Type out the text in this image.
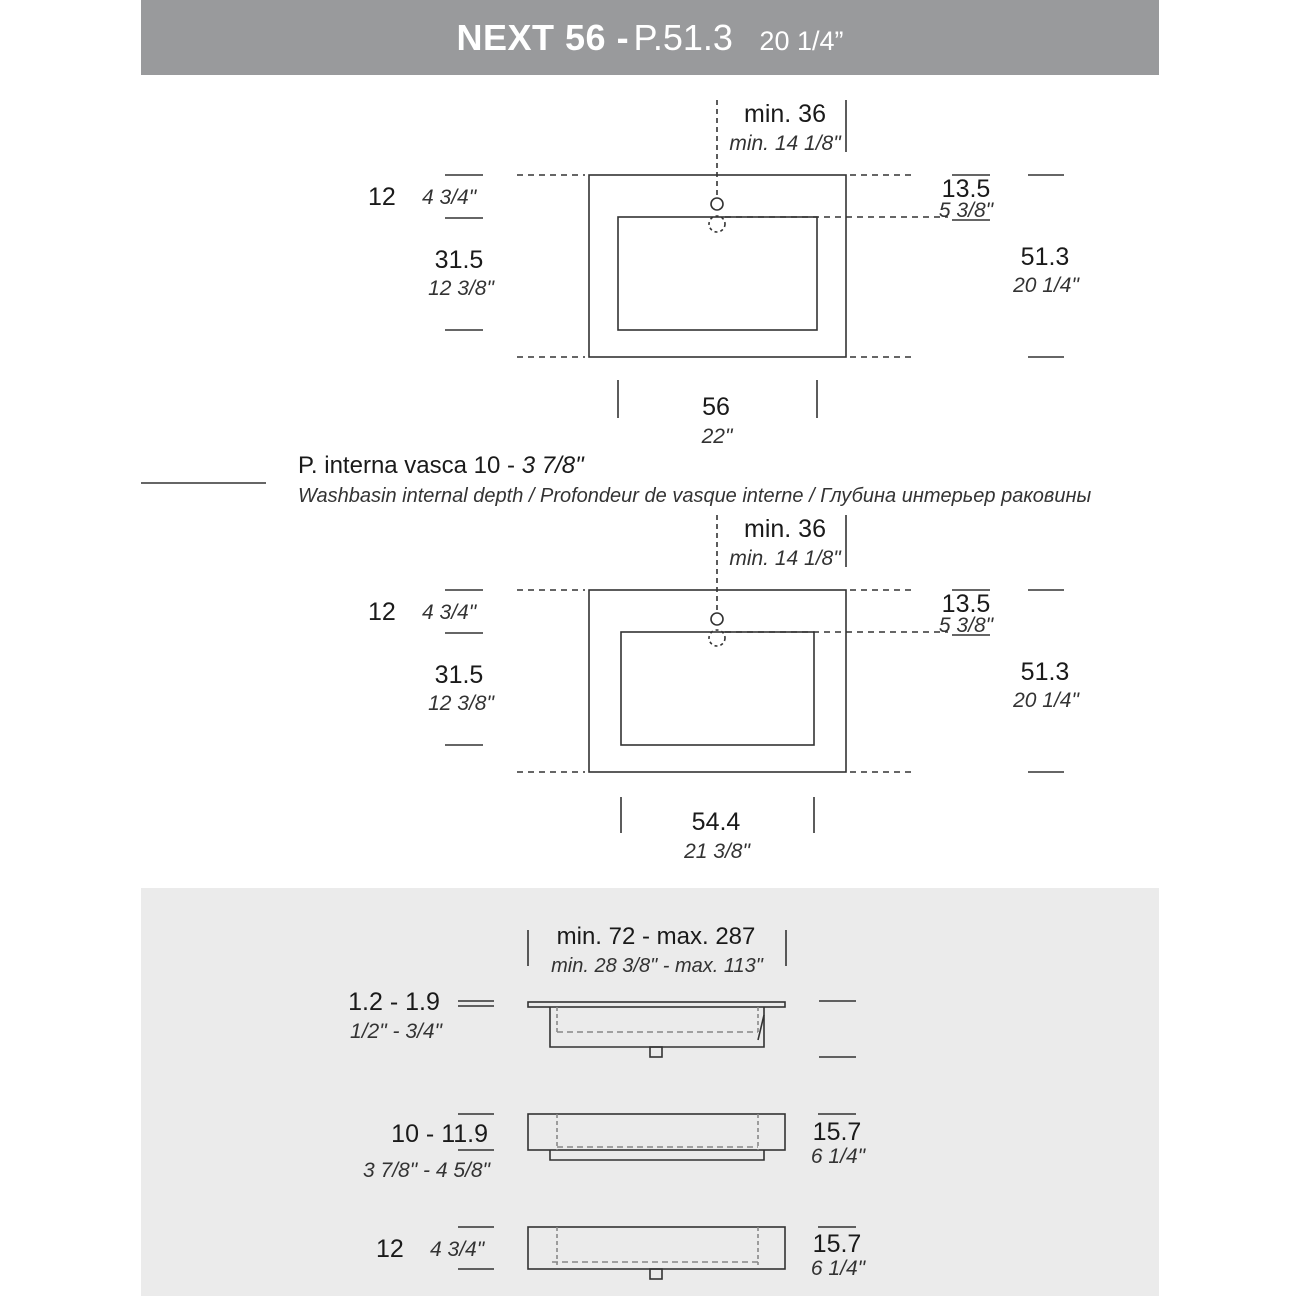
NEXT 56 - P.51.3 20 1/4”
min. 36
min. 14 1/8"
12 4 3/4"
31.5
12 3/8"
13.5
5 3/8"
51.3
20 1/4"
56
22"
P. interna vasca 10 - 3 7/8"
Washbasin internal depth / Profondeur de vasque interne / Глубина интерьер раковины
min. 36
min. 14 1/8"
12 4 3/4"
31.5
12 3/8"
13.5
5 3/8"
51.3
20 1/4"
54.4
21 3/8"
min. 72 - max. 287
min. 28 3/8" - max. 113"
1.2 - 1.9
1/2" - 3/4"
10 - 11.9
3 7/8" - 4 5/8"
15.7
6 1/4"
12 4 3/4"	15.7
6 1/4"
